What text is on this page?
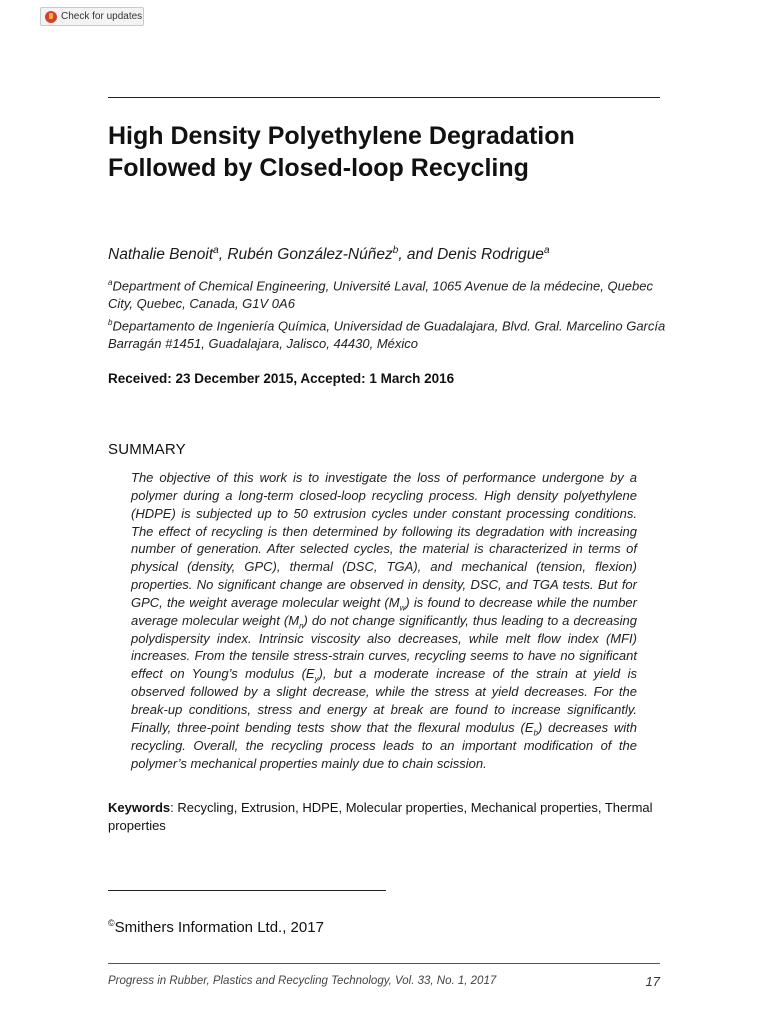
Check for updates
High Density Polyethylene Degradation Followed by Closed-loop Recycling
Nathalie Benoit$^a$, Rubén González-Núñez$^b$, and Denis Rodrigue$^a$
$^a$Department of Chemical Engineering, Université Laval, 1065 Avenue de la médecine, Quebec City, Quebec, Canada, G1V 0A6
$^b$Departamento de Ingeniería Química, Universidad de Guadalajara, Blvd. Gral. Marcelino García Barragán #1451, Guadalajara, Jalisco, 44430, México
Received: 23 December 2015, Accepted: 1 March 2016
SUMMARY

The objective of this work is to investigate the loss of performance undergone by a polymer during a long-term closed-loop recycling process. High density polyethylene (HDPE) is subjected up to 50 extrusion cycles under constant processing conditions. The effect of recycling is then determined by following its degradation with increasing number of generation. After selected cycles, the material is characterized in terms of physical (density, GPC), thermal (DSC, TGA), and mechanical (tension, flexion) properties. No significant change are observed in density, DSC, and TGA tests. But for GPC, the weight average molecular weight $(M_w)$ is found to decrease while the number average molecular weight $(M_n)$ do not change significantly, thus leading to a decreasing polydispersity index. Intrinsic viscosity also decreases, while melt flow index (MFI) increases. From the tensile stress-strain curves, recycling seems to have no significant effect on Young’s modulus $(E_y)$, but a moderate increase of the strain at yield is observed followed by a slight decrease, while the stress at yield decreases. For the break-up conditions, stress and energy at break are found to increase significantly. Finally, three-point bending tests show that the flexural modulus $(E_b)$ decreases with recycling. Overall, the recycling process leads to an important modification of the polymer’s mechanical properties mainly due to chain scission.

Keywords: Recycling, Extrusion, HDPE, Molecular properties, Mechanical properties, Thermal properties
©Smithers Information Ltd., 2017
Progress in Rubber, Plastics and Recycling Technology, Vol. 33, No. 1, 2017	17
